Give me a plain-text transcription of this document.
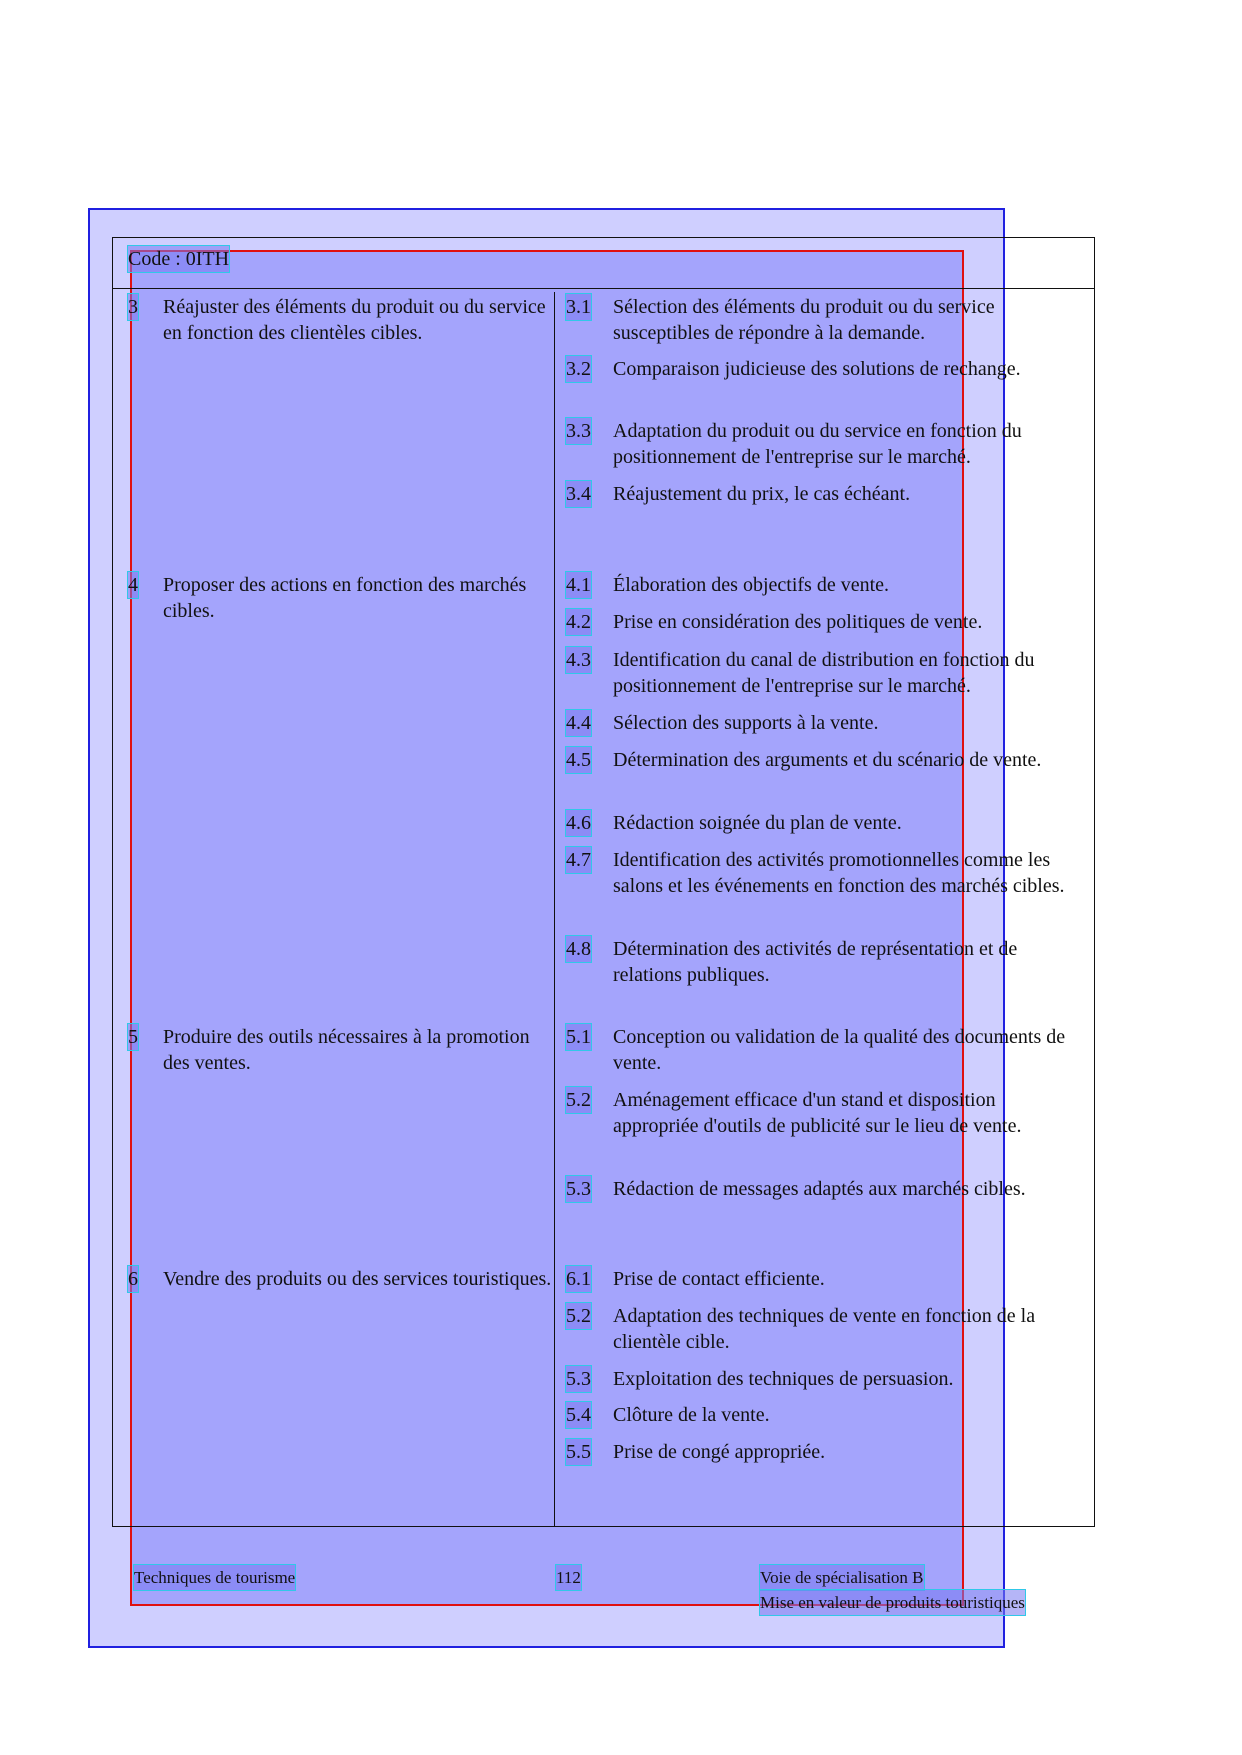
Code : 0ITH
3 Réajuster des éléments du produit ou du service en fonction des clientèles cibles.
3.1 Sélection des éléments du produit ou du service susceptibles de répondre à la demande.
3.2 Comparaison judicieuse des solutions de rechange.
3.3 Adaptation du produit ou du service en fonction du positionnement de l'entreprise sur le marché.
3.4 Réajustement du prix, le cas échéant.
4 Proposer des actions en fonction des marchés cibles.
4.1 Élaboration des objectifs de vente.
4.2 Prise en considération des politiques de vente.
4.3 Identification du canal de distribution en fonction du positionnement de l'entreprise sur le marché.
4.4 Sélection des supports à la vente.
4.5 Détermination des arguments et du scénario de vente.
4.6 Rédaction soignée du plan de vente.
4.7 Identification des activités promotionnelles comme les salons et les événements en fonction des marchés cibles.
4.8 Détermination des activités de représentation et de relations publiques.
5 Produire des outils nécessaires à la promotion des ventes.
5.1 Conception ou validation de la qualité des documents de vente.
5.2 Aménagement efficace d'un stand et disposition appropriée d'outils de publicité sur le lieu de vente.
5.3 Rédaction de messages adaptés aux marchés cibles.
6 Vendre des produits ou des services touristiques. 6.1 Prise de contact efficiente.
5.2 Adaptation des techniques de vente en fonction de la clientèle cible.
5.3 Exploitation des techniques de persuasion.
5.4 Clôture de la vente.
5.5 Prise de congé appropriée.
Techniques de tourisme	112	Voie de spécialisation B
Mise en valeur de produits touristiques
